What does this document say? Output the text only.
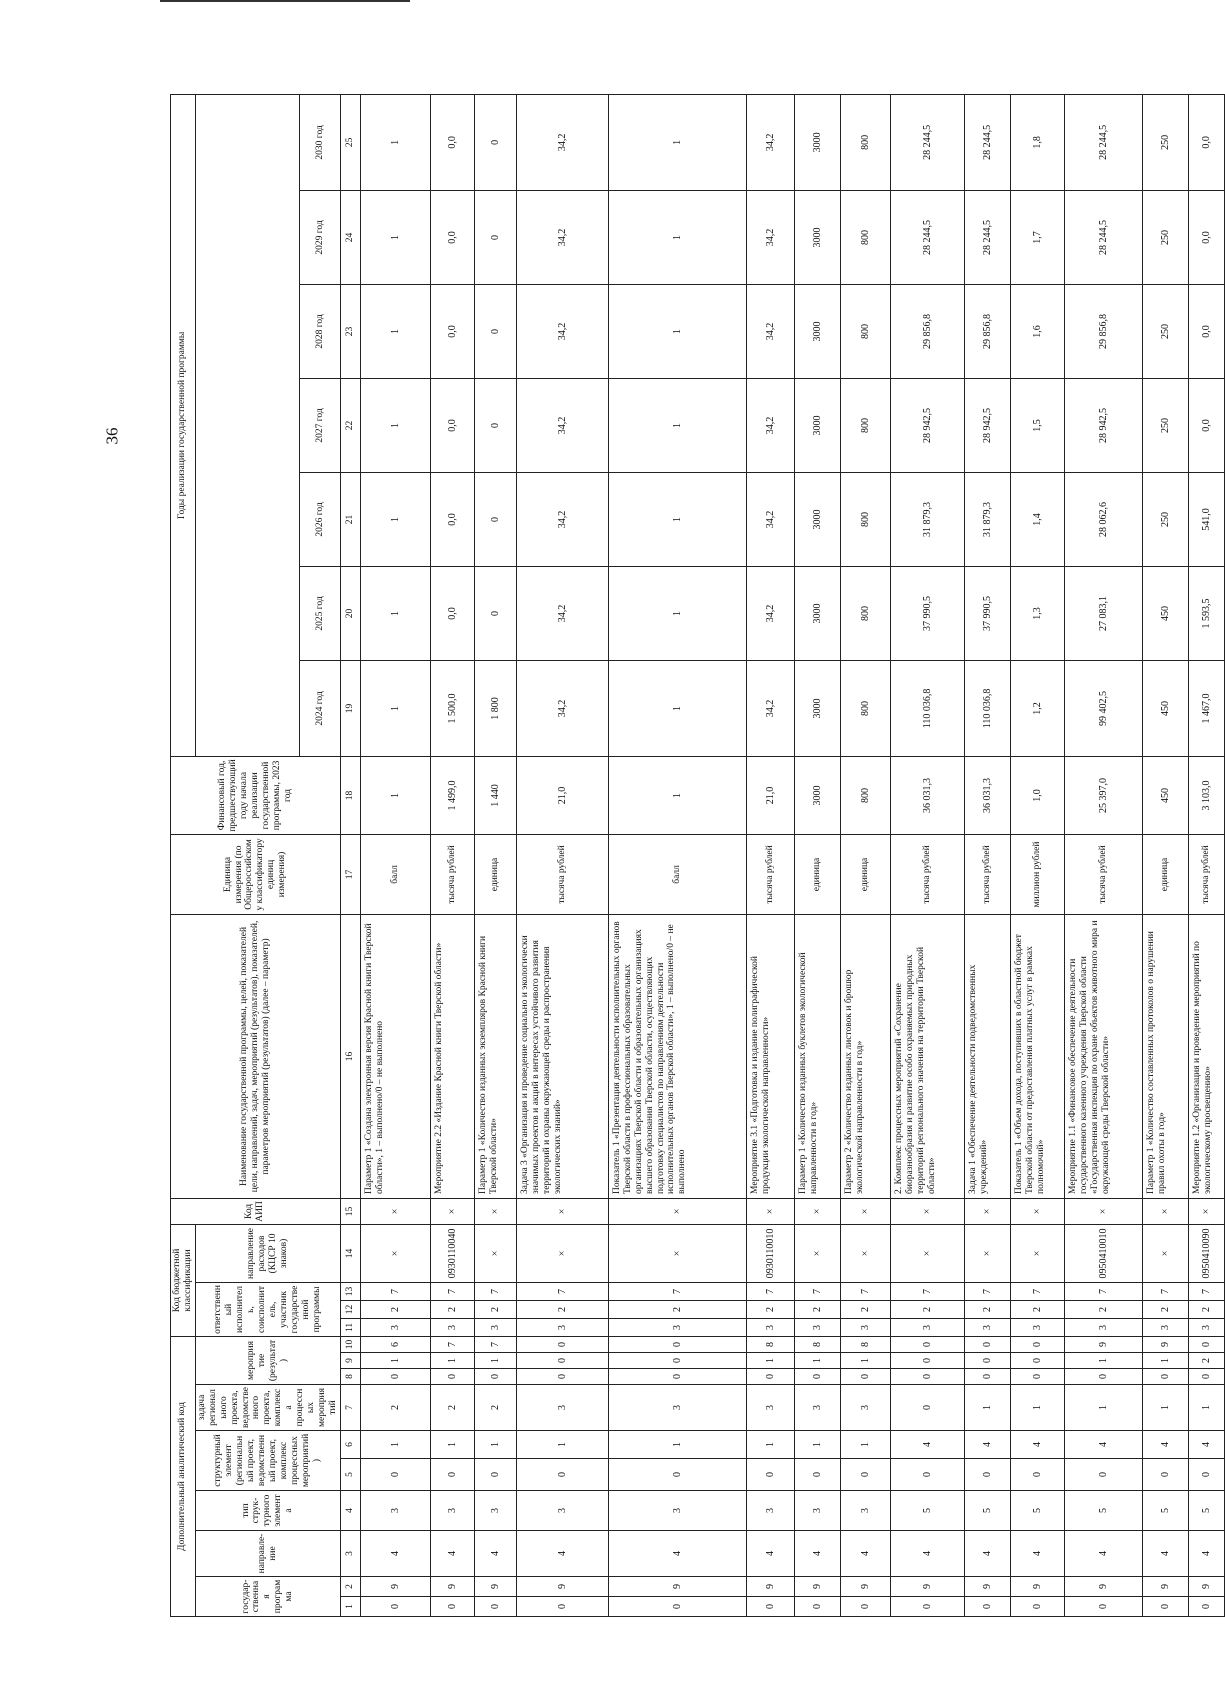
36
Дополнительный аналитический код										Код бюджетной классификации				Код АИП	Наименование государственной программы, целей, показателей цели, направлений, задач, мероприятий (результатов), показателей, параметров мероприятий (результатов) (далее – параметр)	Единица измерения (по Общероссийскому классификатору единиц измерения)	Финансовый год, предшествующий году начала реализации государственной программы, 2023 год	Годы реализации государственной программы						
государ-ственная программа		направле-ние	тип струк-турного элемента	структурный элемент (региональный проект, ведомственный проект, комплекс процессных мероприятий)		задача регионального проекта, ведомственного проекта, комплекса процессных мероприятий	мероприятие (результат)			ответственный исполнитель, соисполнитель, участник государственной программы			направление расходов (КЦСР 10 знаков)											
																		2024 год	2025 год	2026 год	2027 год	2028 год	2029 год	2030 год
1	2	3	4	5	6	7	8	9	10	11	12	13	14	15	16	17	18	19	20	21	22	23	24	25
0	9	4	3	0	1	2	0	1	6	3	2	7	×	×	Параметр 1 «Создана электронная версия Красной книги Тверской области», 1 – выполнено/0 – не выполнено	балл	1	1	1	1	1	1	1	1
0	9	4	3	0	1	2	0	1	7	3	2	7	0930110040	×	Мероприятие 2.2 «Издание Красной книги Тверской области»	тысяча рублей	1 499,0	1 500,0	0,0	0,0	0,0	0,0	0,0	0,0
0	9	4	3	0	1	2	0	1	7	3	2	7	×	×	Параметр 1 «Количество изданных экземпляров Красной книги Тверской области»	единица	1 440	1 800	0	0	0	0	0	0
0	9	4	3	0	1	3	0	0	0	3	2	7	×	×	Задача 3 «Организация и проведение социально и экологически значимых проектов и акций в интересах устойчивого развития территорий и охраны окружающей среды и распространения экологических знаний»	тысяча рублей	21,0	34,2	34,2	34,2	34,2	34,2	34,2	34,2
0	9	4	3	0	1	3	0	0	0	3	2	7	×	×	Показатель 1 «Презентация деятельности исполнительных органов Тверской области в профессиональных образовательных организациях Тверской области и образовательных организациях высшего образования Тверской области, осуществляющих подготовку специалистов по направлениям деятельности исполнительных органов Тверской области», 1 – выполнено/0 – не выполнено	балл	1	1	1	1	1	1	1	1
0	9	4	3	0	1	3	0	1	8	3	2	7	0930110010	×	Мероприятие 3.1 «Подготовка и издание полиграфической продукции экологической направленности»	тысяча рублей	21,0	34,2	34,2	34,2	34,2	34,2	34,2	34,2
0	9	4	3	0	1	3	0	1	8	3	2	7	×	×	Параметр 1 «Количество изданных буклетов экологической направленности в год»	единица	3000	3000	3000	3000	3000	3000	3000	3000
0	9	4	3	0	1	3	0	1	8	3	2	7	×	×	Параметр 2 «Количество изданных листовок и брошюр экологической направленности в год»	единица	800	800	800	800	800	800	800	800
0	9	4	5	0	4	0	0	0	0	3	2	7	×	×	2. Комплекс процессных мероприятий «Сохранение биоразнообразия и развитие особо охраняемых природных территорий регионального значения на территории Тверской области»	тысяча рублей	36 031,3	110 036,8	37 990,5	31 879,3	28 942,5	29 856,8	28 244,5	28 244,5
0	9	4	5	0	4	1	0	0	0	3	2	7	×	×	Задача 1 «Обеспечение деятельности подведомственных учреждений»	тысяча рублей	36 031,3	110 036,8	37 990,5	31 879,3	28 942,5	29 856,8	28 244,5	28 244,5
0	9	4	5	0	4	1	0	0	0	3	2	7	×	×	Показатель 1 «Объем дохода, поступивших в областной бюджет Тверской области от предоставления платных услуг в рамках полномочий»	миллион рублей	1,0	1,2	1,3	1,4	1,5	1,6	1,7	1,8
0	9	4	5	0	4	1	0	1	9	3	2	7	0950410010	×	Мероприятие 1.1 «Финансовое обеспечение деятельности государственного казенного учреждения Тверской области «Государственная инспекция по охране объектов животного мира и окружающей среды Тверской области»	тысяча рублей	25 397,0	99 402,5	27 083,1	28 062,6	28 942,5	29 856,8	28 244,5	28 244,5
0	9	4	5	0	4	1	0	1	9	3	2	7	×	×	Параметр 1 «Количество составленных протоколов о нарушении правил охоты в год»	единица	450	450	450	250	250	250	250	250
0	9	4	5	0	4	1	0	2	0	3	2	7	0950410090	×	Мероприятие 1.2 «Организация и проведение мероприятий по экологическому просвещению»	тысяча рублей	3 103,0	1 467,0	1 593,5	541,0	0,0	0,0	0,0	0,0
